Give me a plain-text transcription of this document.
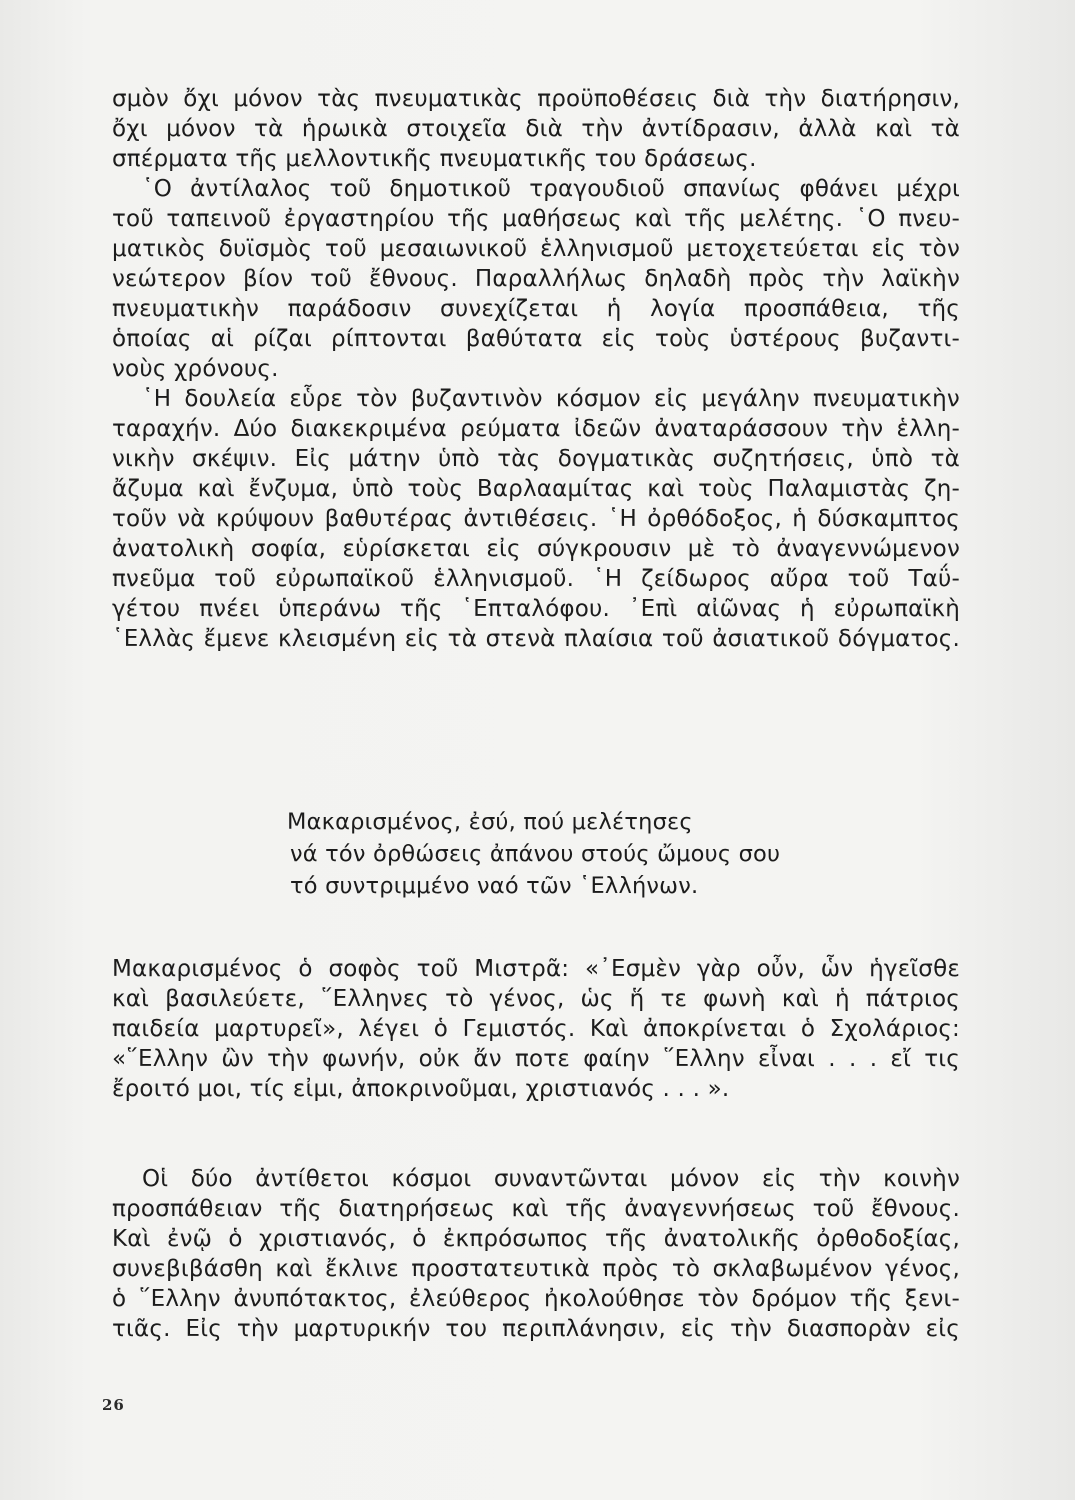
σμὸν ὄχι μόνον τὰς πνευματικὰς προϋποθέσεις διὰ τὴν διατήρησιν,
ὄχι μόνον τὰ ἡρωικὰ στοιχεῖα διὰ τὴν ἀντίδρασιν, ἀλλὰ καὶ τὰ
σπέρματα τῆς μελλοντικῆς πνευματικῆς του δράσεως.
῾Ο ἀντίλαλος τοῦ δημοτικοῦ τραγουδιοῦ σπανίως φθάνει μέχρι
τοῦ ταπεινοῦ ἐργαστηρίου τῆς μαθήσεως καὶ τῆς μελέτης. ῾Ο πνευ-
ματικὸς δυϊσμὸς τοῦ μεσαιωνικοῦ ἑλληνισμοῦ μετοχετεύεται εἰς τὸν
νεώτερον βίον τοῦ ἔθνους. Παραλλήλως δηλαδὴ πρὸς τὴν λαϊκὴν
πνευματικὴν παράδοσιν συνεχίζεται ἡ λογία προσπάθεια, τῆς
ὁποίας αἱ ρίζαι ρίπτονται βαθύτατα εἰς τοὺς ὑστέρους βυζαντι-
νοὺς χρόνους.
῾Η δουλεία εὗρε τὸν βυζαντινὸν κόσμον εἰς μεγάλην πνευματικὴν
ταραχήν. Δύο διακεκριμένα ρεύματα ἰδεῶν ἀναταράσσουν τὴν ἑλλη-
νικὴν σκέψιν. Εἰς μάτην ὑπὸ τὰς δογματικὰς συζητήσεις, ὑπὸ τὰ
ἄζυμα καὶ ἔνζυμα, ὑπὸ τοὺς Βαρλααμίτας καὶ τοὺς Παλαμιστὰς ζη-
τοῦν νὰ κρύψουν βαθυτέρας ἀντιθέσεις. ῾Η ὀρθόδοξος, ἡ δύσκαμπτος
ἀνατολικὴ σοφία, εὑρίσκεται εἰς σύγκρουσιν μὲ τὸ ἀναγεννώμενον
πνεῦμα τοῦ εὐρωπαϊκοῦ ἑλληνισμοῦ. ῾Η ζείδωρος αὔρα τοῦ Ταΰ-
γέτου πνέει ὑπεράνω τῆς ῾Επταλόφου. ᾿Επὶ αἰῶνας ἡ εὐρωπαϊκὴ
῾Ελλὰς ἔμενε κλεισμένη εἰς τὰ στενὰ πλαίσια τοῦ ἀσιατικοῦ δόγματος.
Μακαρισμένος, ἐσύ, πού μελέτησες
νά τόν ὀρθώσεις ἀπάνου στούς ὤμους σου
τό συντριμμένο ναό τῶν ῾Ελλήνων.
Μακαρισμένος ὁ σοφὸς τοῦ Μιστρᾶ: «᾿Εσμὲν γὰρ οὖν, ὧν ἡγεῖσθε
καὶ βασιλεύετε, ῞Ελληνες τὸ γένος, ὡς ἥ τε φωνὴ καὶ ἡ πάτριος
παιδεία μαρτυρεῖ», λέγει ὁ Γεμιστός. Καὶ ἀποκρίνεται ὁ Σχολάριος:
«῞Ελλην ὢν τὴν φωνήν, οὐκ ἄν ποτε φαίην ῞Ελλην εἶναι . . . εἴ τις
ἔροιτό μοι, τίς εἰμι, ἀποκρινοῦμαι, χριστιανός . . . ».
Οἱ δύο ἀντίθετοι κόσμοι συναντῶνται μόνον εἰς τὴν κοινὴν
προσπάθειαν τῆς διατηρήσεως καὶ τῆς ἀναγεννήσεως τοῦ ἔθνους.
Καὶ ἐνῷ ὁ χριστιανός, ὁ ἐκπρόσωπος τῆς ἀνατολικῆς ὀρθοδοξίας,
συνεβιβάσθη καὶ ἔκλινε προστατευτικὰ πρὸς τὸ σκλαβωμένον γένος,
ὁ ῞Ελλην ἀνυπότακτος, ἐλεύθερος ἠκολούθησε τὸν δρόμον τῆς ξενι-
τιᾶς. Εἰς τὴν μαρτυρικήν του περιπλάνησιν, εἰς τὴν διασπορὰν εἰς
26
